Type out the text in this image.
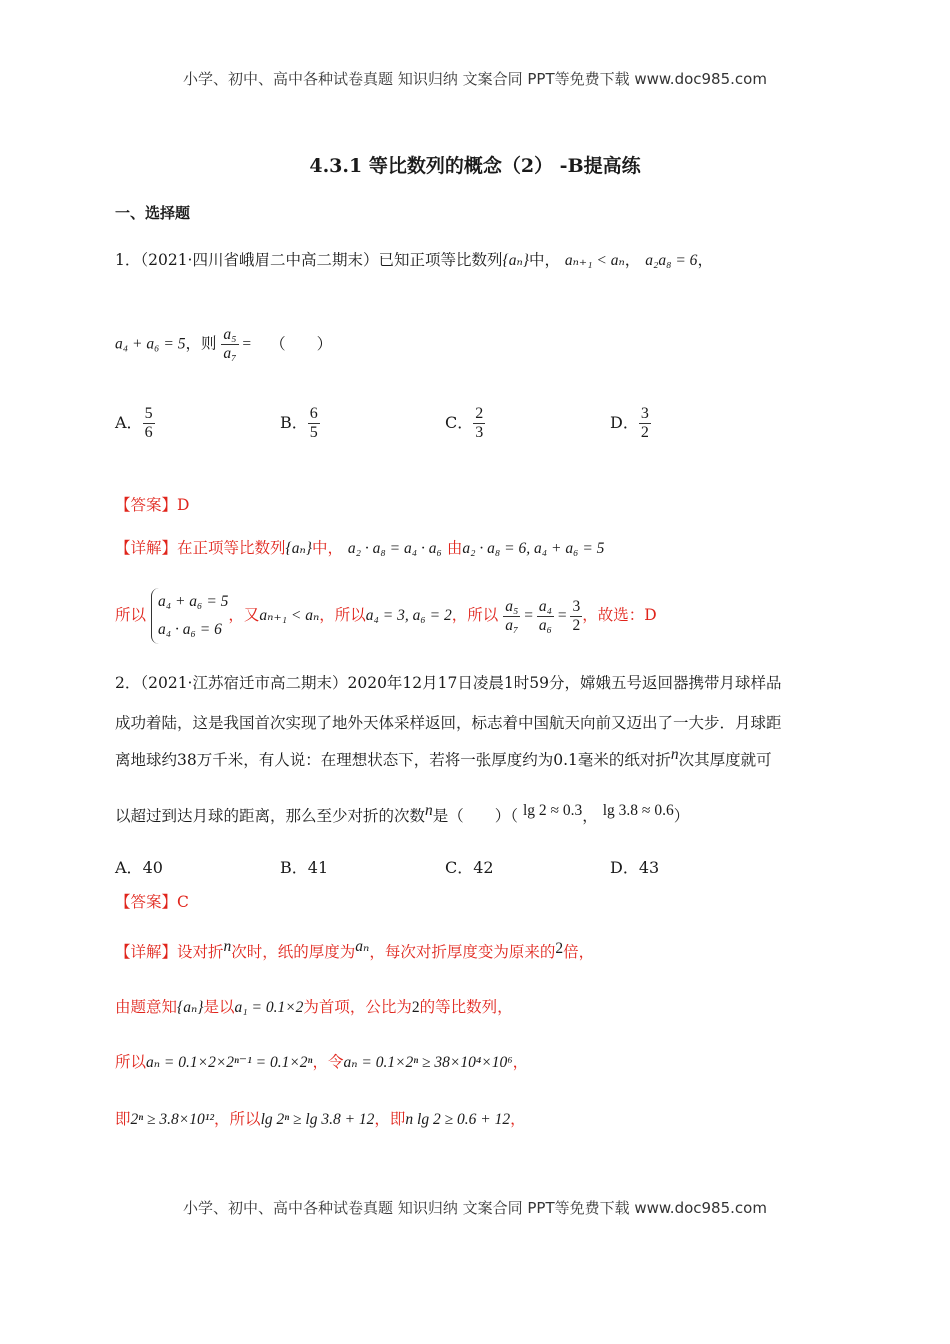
小学、初中、高中各种试卷真题 知识归纳 文案合同 PPT等免费下载 www.doc985.com
4.3.1 等比数列的概念（2） -B提高练
一、选择题
1．（2021·四川省峨眉二中高二期末）已知正项等比数列{aₙ}中， aₙ₊₁ < aₙ， a₂a₈ = 6，
a₄ + a₆ = 5，则 $\frac{\text{a₅}}{\text{a₇}}$ = （　　）
A． $\frac{5}{6}$	B． $\frac{6}{5}$	C． $\frac{2}{3}$	D． $\frac{3}{2}$
【答案】D
【详解】在正项等比数列{aₙ}中， a₂ · a₈ = a₄ · a₆ 由a₂ · a₈ = 6, a₄ + a₆ = 5
所以
a₄ + a₆ = 5
a₄ · a₆ = 6
，又aₙ₊₁ < aₙ，所以a₄ = 3, a₆ = 2，所以 $\frac{\text{a₅}}{\text{a₇}} = \frac{\text{a₄}}{\text{a₆}} = \frac{3}{2}$ ，故选：D
2．（2021·江苏宿迁市高二期末）2020年12月17日凌晨1时59分，嫦娥五号返回器携带月球样品
成功着陆，这是我国首次实现了地外天体采样返回，标志着中国航天向前又迈出了一大步．月球距
离地球约38万千米，有人说：在理想状态下，若将一张厚度约为0.1毫米的纸对折n次其厚度就可
以超过到达月球的距离，那么至少对折的次数n是（　　）（ lg 2 ≈ 0.3， lg 3.8 ≈ 0.6）
A．40	B．41	C．42	D．43
【答案】C
【详解】设对折n次时，纸的厚度为aₙ，每次对折厚度变为原来的2倍，
由题意知{aₙ}是以a₁ = 0.1×2为首项，公比为2的等比数列，
所以aₙ = 0.1×2×2ⁿ⁻¹ = 0.1×2ⁿ，令aₙ = 0.1×2ⁿ ≥ 38×10⁴×10⁶，
即2ⁿ ≥ 3.8×10¹²，所以lg 2ⁿ ≥ lg 3.8 + 12，即n lg 2 ≥ 0.6 + 12，
小学、初中、高中各种试卷真题 知识归纳 文案合同 PPT等免费下载 www.doc985.com
